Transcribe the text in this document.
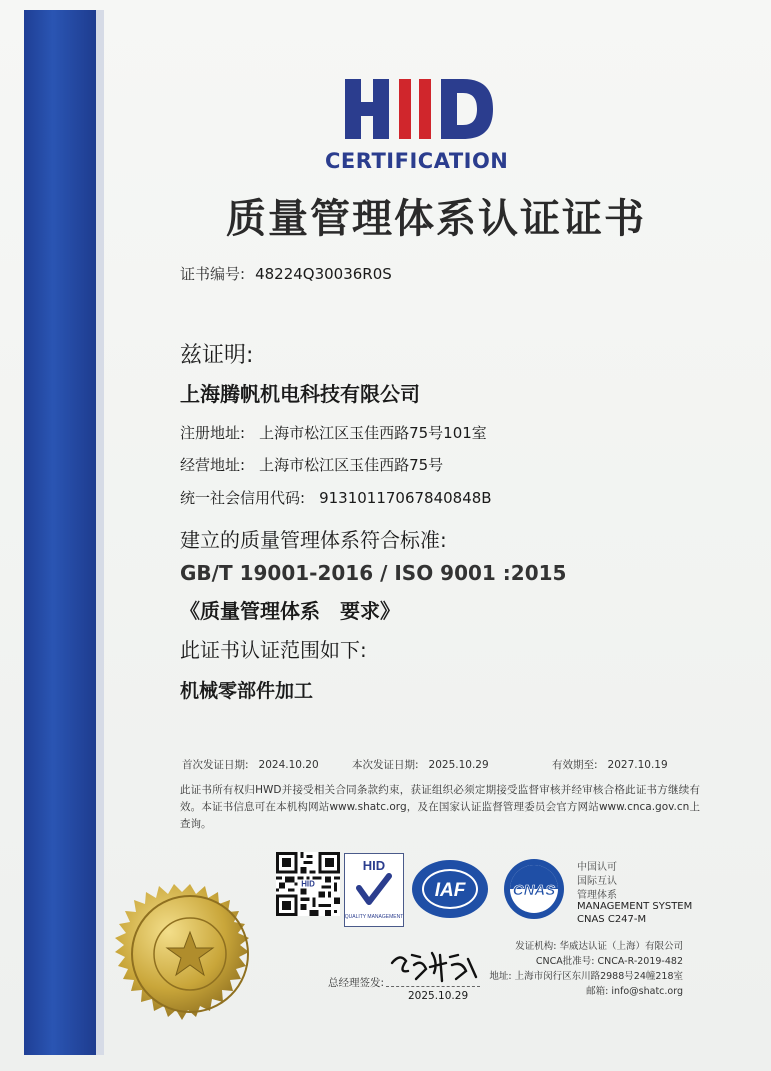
CERTIFICATION
质量管理体系认证证书
证书编号: 48224Q30036R0S
兹证明:
上海腾帆机电科技有限公司
注册地址: 上海市松江区玉佳西路75号101室
经营地址: 上海市松江区玉佳西路75号
统一社会信用代码: 91310117067840848B
建立的质量管理体系符合标准:
GB/T 19001-2016 / ISO 9001 :2015
《质量管理体系　要求》
此证书认证范围如下:
机械零部件加工
首次发证日期: 2024.10.20	本次发证日期: 2025.10.29	有效期至: 2027.10.19
此证书所有权归HWD并接受相关合同条款约束，获证组织必须定期接受监督审核并经审核合格此证书方继续有效。本证书信息可在本机构网站www.shatc.org，及在国家认证监督管理委员会官方网站www.cnca.gov.cn上查询。
HID
HID
QUALITY MANAGEMENT
IAF	CNAS
中国认可
国际互认
管理体系
MANAGEMENT SYSTEM
CNAS C247-M
总经理签发:
2025.10.29
发证机构: 华威达认证（上海）有限公司
CNCA批准号: CNCA-R-2019-482
地址: 上海市闵行区东川路2988号24幢218室
邮箱: info@shatc.org
